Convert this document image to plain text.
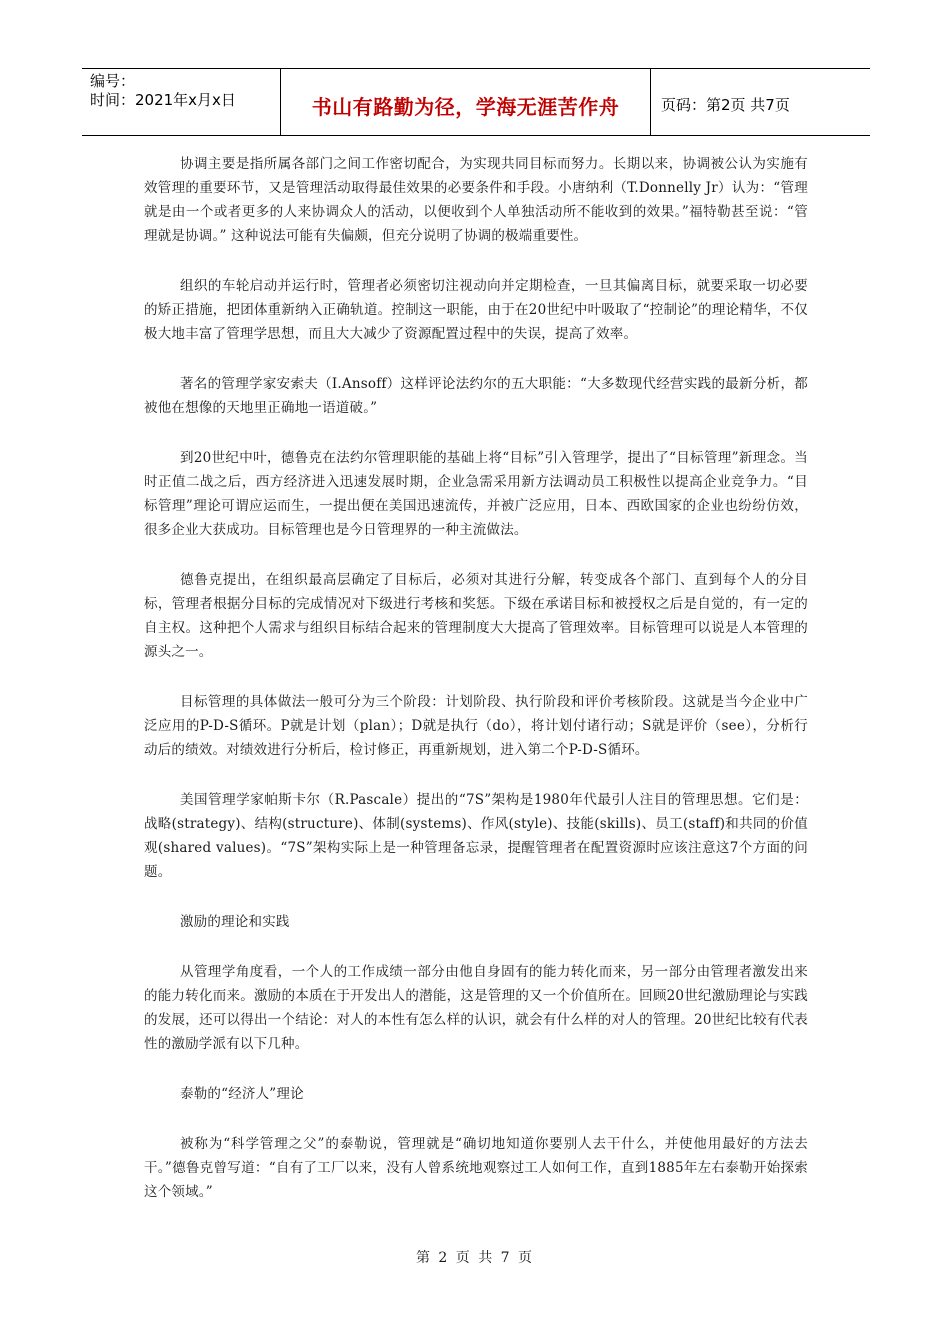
编号：
时间：2021年x月x日	书山有路勤为径，学海无涯苦作舟	页码：第2页 共7页

协调主要是指所属各部门之间工作密切配合，为实现共同目标而努力。长期以来，协调被公认为实施有效管理的重要环节，又是管理活动取得最佳效果的必要条件和手段。小唐纳利（T.Donnelly Jr）认为：“管理就是由一个或者更多的人来协调众人的活动，以便收到个人单独活动所不能收到的效果。”福特勒甚至说：“管理就是协调。” 这种说法可能有失偏颇，但充分说明了协调的极端重要性。

组织的车轮启动并运行时，管理者必须密切注视动向并定期检查，一旦其偏离目标，就要采取一切必要的矫正措施，把团体重新纳入正确轨道。控制这一职能，由于在20世纪中叶吸取了“控制论”的理论精华，不仅极大地丰富了管理学思想，而且大大减少了资源配置过程中的失误，提高了效率。

著名的管理学家安索夫（I.Ansoff）这样评论法约尔的五大职能：“大多数现代经营实践的最新分析，都被他在想像的天地里正确地一语道破。”

到20世纪中叶，德鲁克在法约尔管理职能的基础上将“目标”引入管理学，提出了“目标管理”新理念。当时正值二战之后，西方经济进入迅速发展时期，企业急需采用新方法调动员工积极性以提高企业竞争力。“目标管理”理论可谓应运而生，一提出便在美国迅速流传，并被广泛应用，日本、西欧国家的企业也纷纷仿效，很多企业大获成功。目标管理也是今日管理界的一种主流做法。

德鲁克提出，在组织最高层确定了目标后，必须对其进行分解，转变成各个部门、直到每个人的分目标，管理者根据分目标的完成情况对下级进行考核和奖惩。下级在承诺目标和被授权之后是自觉的，有一定的自主权。这种把个人需求与组织目标结合起来的管理制度大大提高了管理效率。目标管理可以说是人本管理的源头之一。

目标管理的具体做法一般可分为三个阶段：计划阶段、执行阶段和评价考核阶段。这就是当今企业中广泛应用的P-D-S循环。P就是计划（plan）；D就是执行（do），将计划付诸行动；S就是评价（see），分析行动后的绩效。对绩效进行分析后，检讨修正，再重新规划，进入第二个P-D-S循环。

美国管理学家帕斯卡尔（R.Pascale）提出的“7S”架构是1980年代最引人注目的管理思想。它们是：战略(strategy)、结构(structure)、体制(systems)、作风(style)、技能(skills)、员工(staff)和共同的价值观(shared values)。“7S”架构实际上是一种管理备忘录，提醒管理者在配置资源时应该注意这7个方面的问题。

激励的理论和实践

从管理学角度看，一个人的工作成绩一部分由他自身固有的能力转化而来，另一部分由管理者激发出来的能力转化而来。激励的本质在于开发出人的潜能，这是管理的又一个价值所在。回顾20世纪激励理论与实践的发展，还可以得出一个结论：对人的本性有怎么样的认识，就会有什么样的对人的管理。20世纪比较有代表性的激励学派有以下几种。

泰勒的“经济人”理论

被称为“科学管理之父”的泰勒说，管理就是“确切地知道你要别人去干什么，并使他用最好的方法去干。”德鲁克曾写道：“自有了工厂以来，没有人曾系统地观察过工人如何工作，直到1885年左右泰勒开始探索这个领域。”

第 2 页 共 7 页
